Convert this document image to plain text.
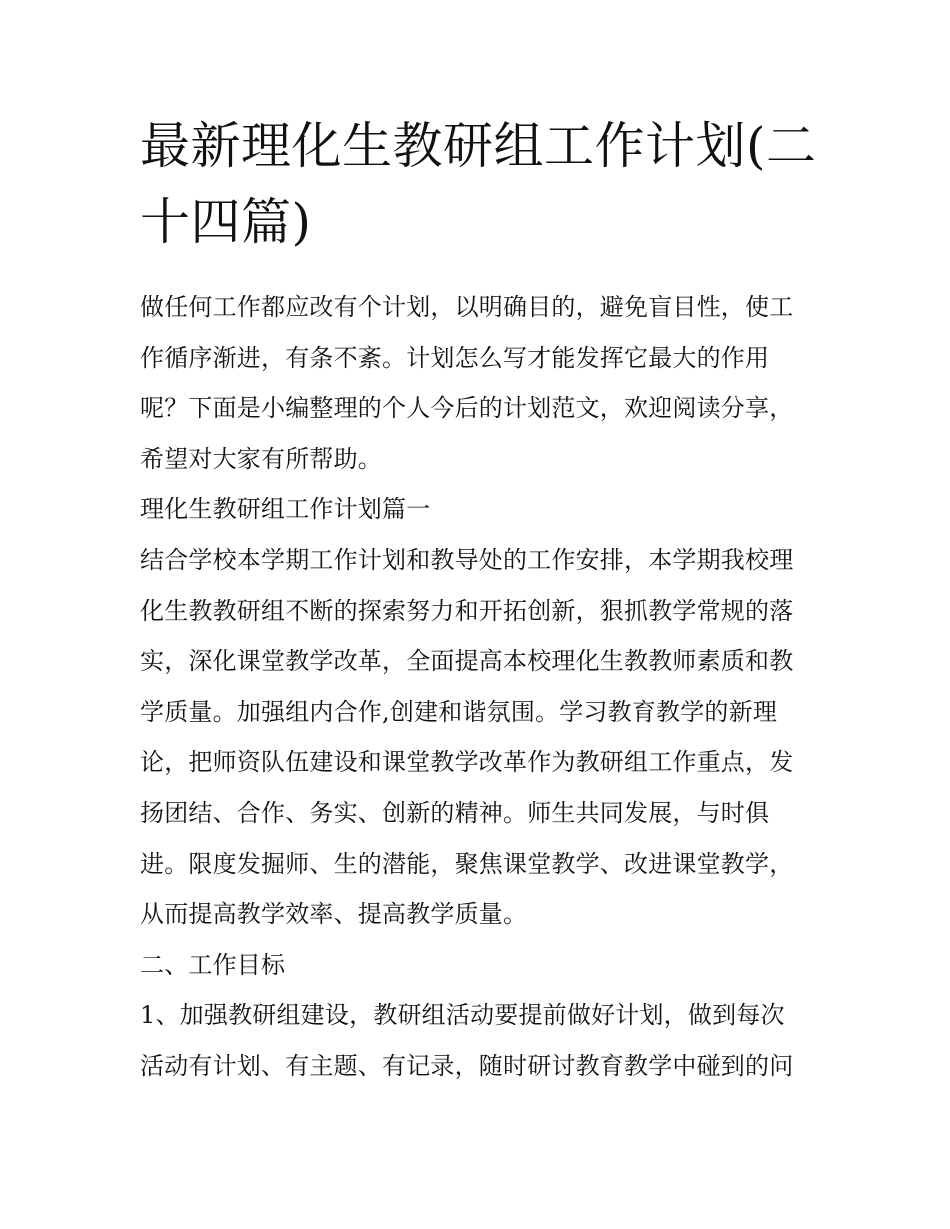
最新理化生教研组工作计划(二
十四篇)
做任何工作都应改有个计划，以明确目的，避免盲目性，使工
作循序渐进，有条不紊。计划怎么写才能发挥它最大的作用
呢？下面是小编整理的个人今后的计划范文，欢迎阅读分享，
希望对大家有所帮助。
理化生教研组工作计划篇一
结合学校本学期工作计划和教导处的工作安排，本学期我校理
化生教教研组不断的探索努力和开拓创新，狠抓教学常规的落
实，深化课堂教学改革，全面提高本校理化生教教师素质和教
学质量。加强组内合作,创建和谐氛围。学习教育教学的新理
论，把师资队伍建设和课堂教学改革作为教研组工作重点，发
扬团结、合作、务实、创新的精神。师生共同发展，与时俱
进。限度发掘师、生的潜能，聚焦课堂教学、改进课堂教学，
从而提高教学效率、提高教学质量。
二、工作目标
1、加强教研组建设，教研组活动要提前做好计划，做到每次
活动有计划、有主题、有记录，随时研讨教育教学中碰到的问
